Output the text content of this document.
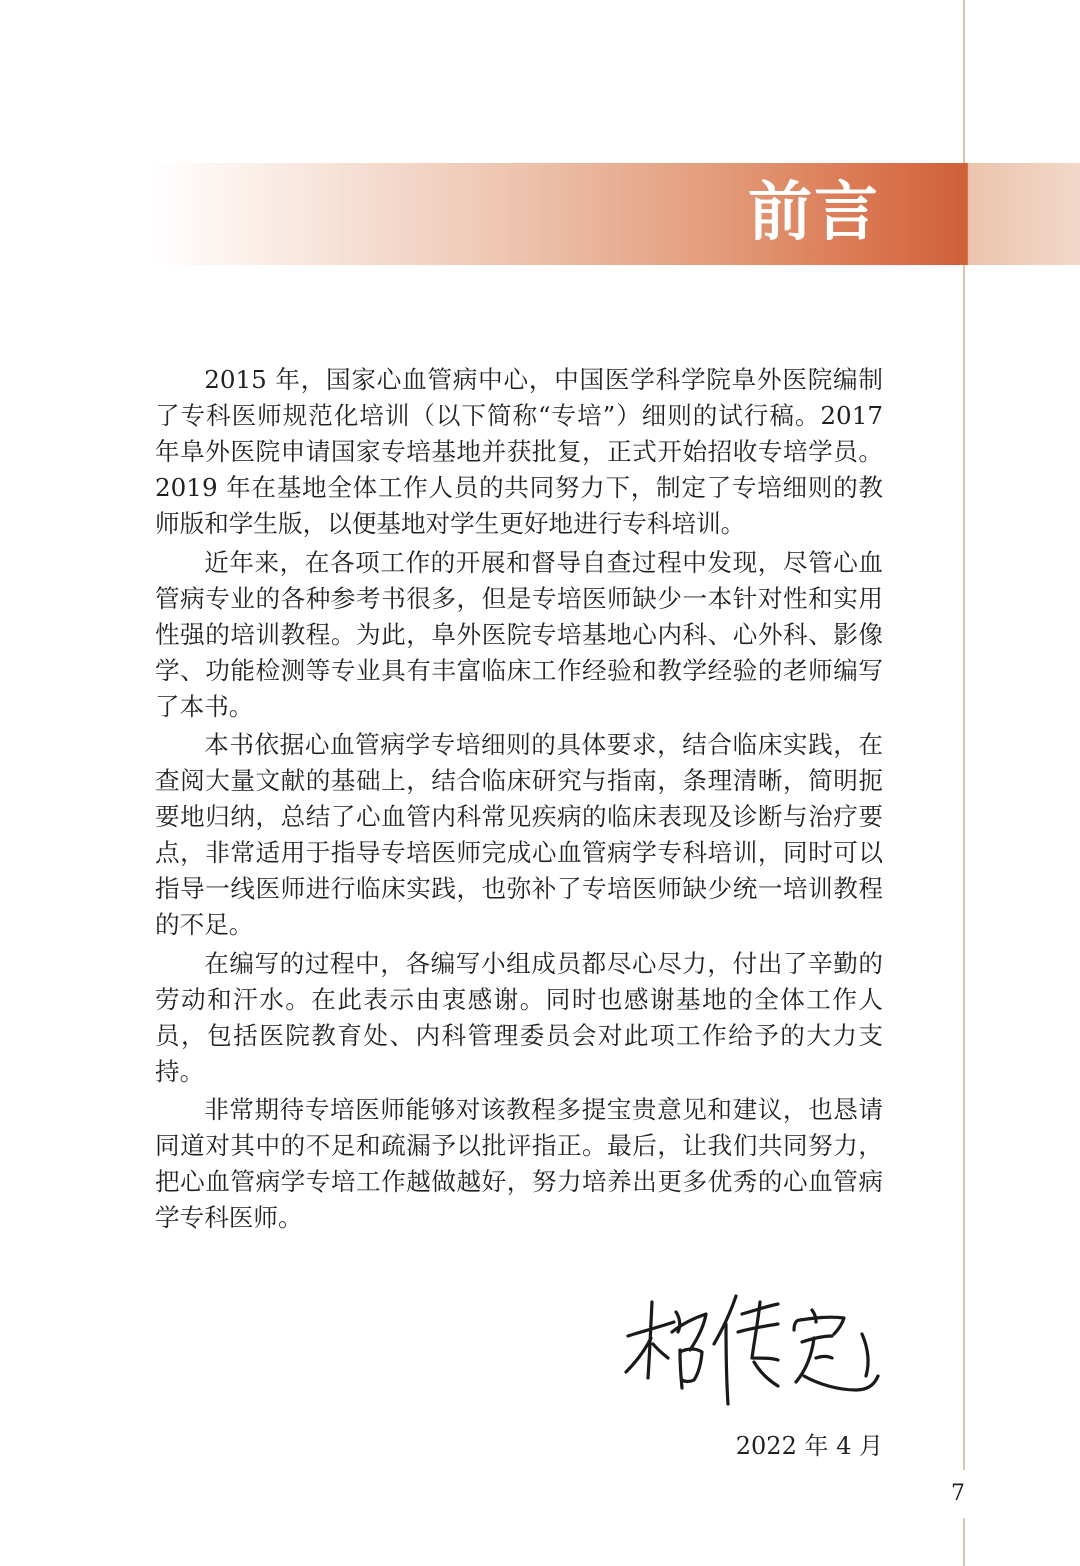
前言

2015 年，国家心血管病中心，中国医学科学院阜外医院编制了专科医师规范化培训（以下简称“专培”）细则的试行稿。2017 年阜外医院申请国家专培基地并获批复，正式开始招收专培学员。2019 年在基地全体工作人员的共同努力下，制定了专培细则的教师版和学生版，以便基地对学生更好地进行专科培训。

近年来，在各项工作的开展和督导自查过程中发现，尽管心血管病专业的各种参考书很多，但是专培医师缺少一本针对性和实用性强的培训教程。为此，阜外医院专培基地心内科、心外科、影像学、功能检测等专业具有丰富临床工作经验和教学经验的老师编写了本书。

本书依据心血管病学专培细则的具体要求，结合临床实践，在查阅大量文献的基础上，结合临床研究与指南，条理清晰，简明扼要地归纳，总结了心血管内科常见疾病的临床表现及诊断与治疗要点，非常适用于指导专培医师完成心血管病学专科培训，同时可以指导一线医师进行临床实践，也弥补了专培医师缺少统一培训教程的不足。

在编写的过程中，各编写小组成员都尽心尽力，付出了辛勤的劳动和汗水。在此表示由衷感谢。同时也感谢基地的全体工作人员，包括医院教育处、内科管理委员会对此项工作给予的大力支持。

非常期待专培医师能够对该教程多提宝贵意见和建议，也恳请同道对其中的不足和疏漏予以批评指正。最后，让我们共同努力，把心血管病学专培工作越做越好，努力培养出更多优秀的心血管病学专科医师。

2022 年 4 月
7
